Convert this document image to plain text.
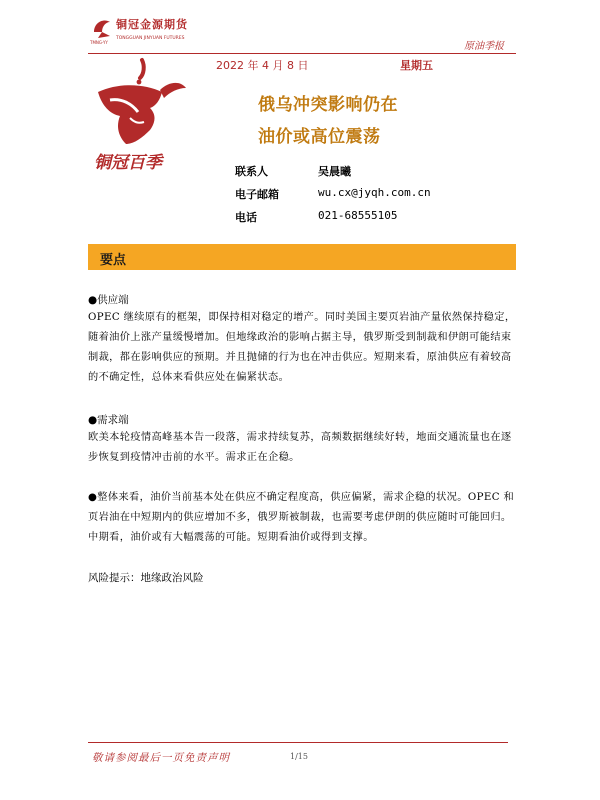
铜冠金源期货
TONGGUAN JINYUAN FUTURES
TMNG-YY	原油季报
2022 年 4 月 8 日	星期五
铜冠百季
俄乌冲突影响仍在
油价或高位震荡
联系人	吴晨曦
电子邮箱	wu.cx@jyqh.com.cn
电话	021-68555105
要点
●供应端
OPEC 继续原有的框架，即保持相对稳定的增产。同时美国主要页岩油产量依然保持稳定，随着油价上涨产量缓慢增加。但地缘政治的影响占据主导，俄罗斯受到制裁和伊朗可能结束制裁，都在影响供应的预期。并且抛储的行为也在冲击供应。短期来看，原油供应有着较高的不确定性，总体来看供应处在偏紧状态。
●需求端
欧美本轮疫情高峰基本告一段落，需求持续复苏，高频数据继续好转，地面交通流量也在逐步恢复到疫情冲击前的水平。需求正在企稳。
●整体来看，油价当前基本处在供应不确定程度高，供应偏紧，需求企稳的状况。OPEC 和页岩油在中短期内的供应增加不多，俄罗斯被制裁，也需要考虑伊朗的供应随时可能回归。中期看，油价或有大幅震荡的可能。短期看油价或得到支撑。
风险提示：地缘政治风险
敬请参阅最后一页免责声明	1/15
